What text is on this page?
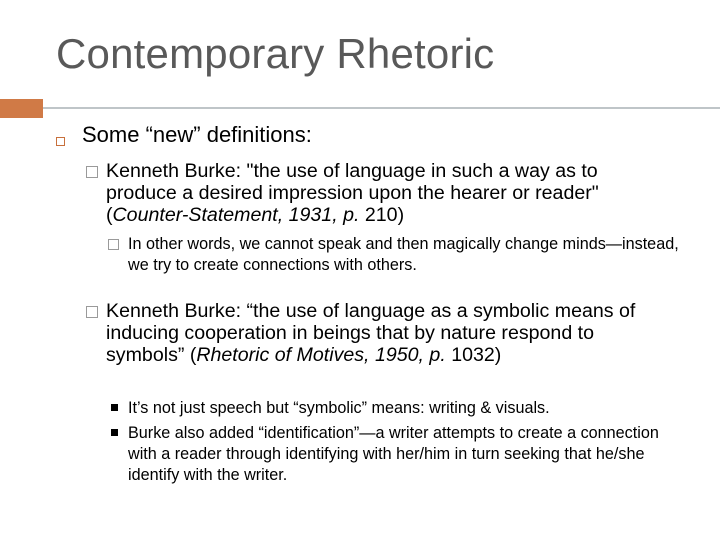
Contemporary Rhetoric
Some “new” definitions:
Kenneth Burke: "the use of language in such a way as to produce a desired impression upon the hearer or reader" (Counter-Statement, 1931, p. 210)
In other words, we cannot speak and then magically change minds—instead, we try to create connections with others.
Kenneth Burke: “the use of language as a symbolic means of inducing cooperation in beings that by nature respond to symbols” (Rhetoric of Motives, 1950, p. 1032)
It’s not just speech but “symbolic” means: writing & visuals.
Burke also added “identification”—a writer attempts to create a connection with a reader through identifying with her/him in turn seeking that he/she identify with the writer.
